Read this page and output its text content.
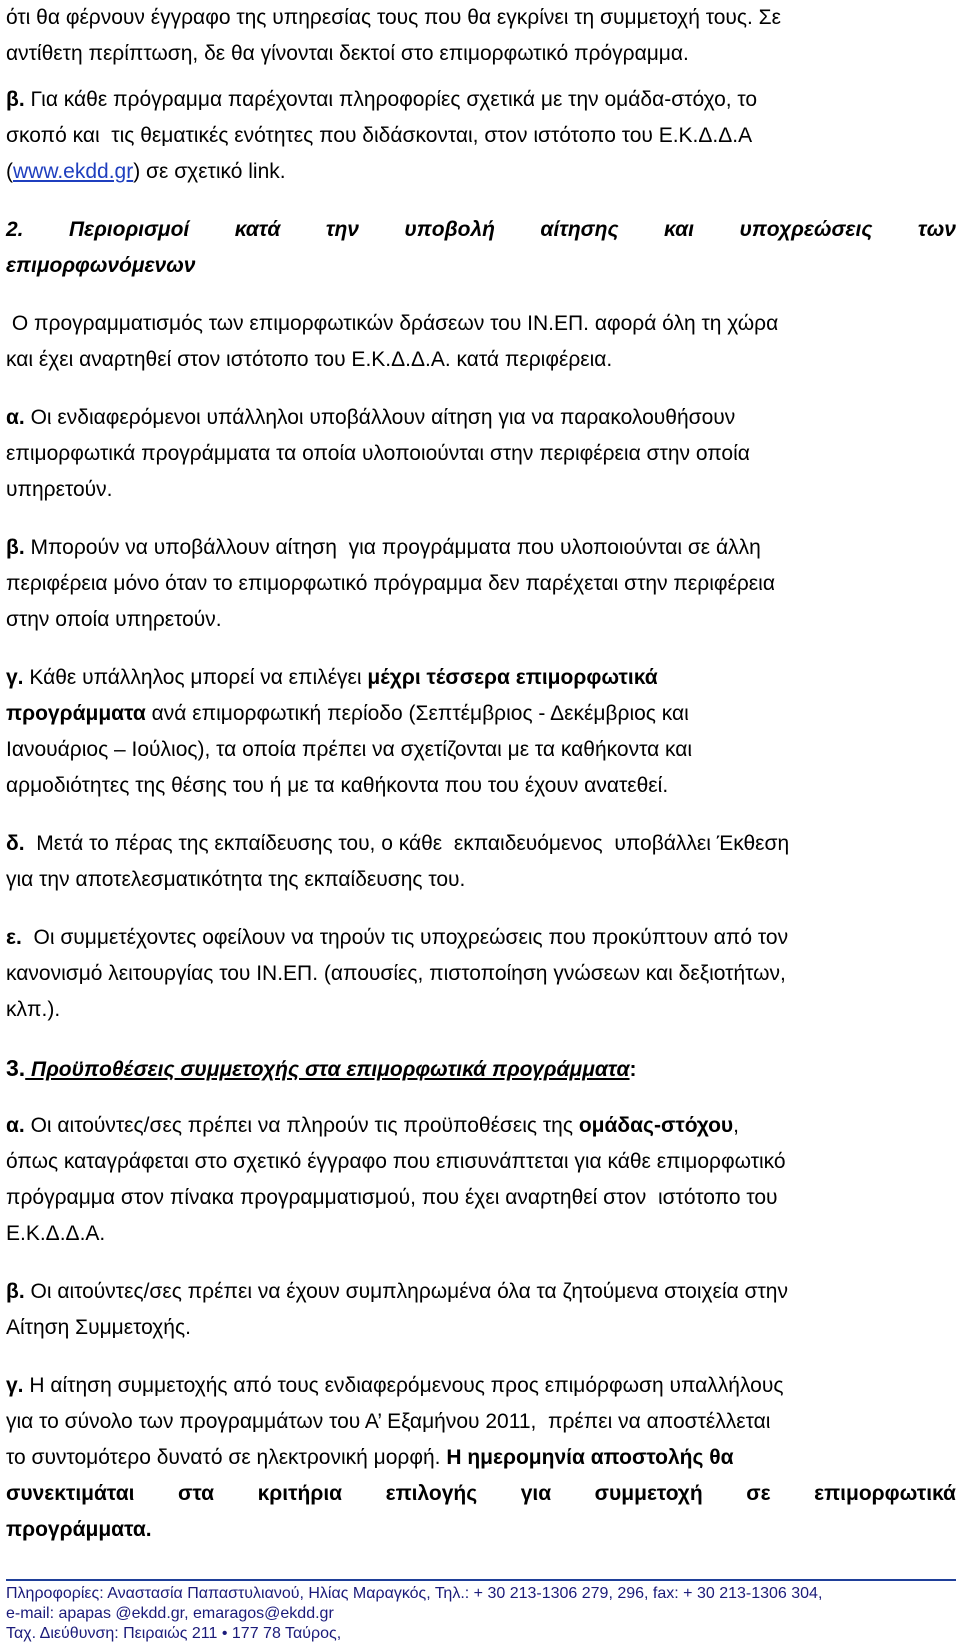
ότι θα φέρνουν έγγραφο της υπηρεσίας τους που θα εγκρίνει τη συμμετοχή τους. Σε
αντίθετη περίπτωση, δε θα γίνονται δεκτοί στο επιμορφωτικό πρόγραμμα.
β. Για κάθε πρόγραμμα παρέχονται πληροφορίες σχετικά με την ομάδα-στόχο, το
σκοπό και  τις θεματικές ενότητες που διδάσκονται, στον ιστότοπο του Ε.Κ.Δ.Δ.Α
(www.ekdd.gr) σε σχετικό link.
2. Περιορισμοί κατά την υποβολή αίτησης και υποχρεώσεις των
επιμορφωνόμενων
Ο προγραμματισμός των επιμορφωτικών δράσεων του ΙΝ.ΕΠ. αφορά όλη τη χώρα
και έχει αναρτηθεί στον ιστότοπο του Ε.Κ.Δ.Δ.Α. κατά περιφέρεια.
α. Οι ενδιαφερόμενοι υπάλληλοι υποβάλλουν αίτηση για να παρακολουθήσουν
επιμορφωτικά προγράμματα τα οποία υλοποιούνται στην περιφέρεια στην οποία
υπηρετούν.
β. Μπορούν να υποβάλλουν αίτηση  για προγράμματα που υλοποιούνται σε άλλη
περιφέρεια μόνο όταν το επιμορφωτικό πρόγραμμα δεν παρέχεται στην περιφέρεια
στην οποία υπηρετούν.
γ. Κάθε υπάλληλος μπορεί να επιλέγει μέχρι τέσσερα επιμορφωτικά
προγράμματα ανά επιμορφωτική περίοδο (Σεπτέμβριος - Δεκέμβριος και
Ιανουάριος – Ιούλιος), τα οποία πρέπει να σχετίζονται με τα καθήκοντα και
αρμοδιότητες της θέσης του ή με τα καθήκοντα που του έχουν ανατεθεί.
δ.  Μετά το πέρας της εκπαίδευσης του, ο κάθε  εκπαιδευόμενος  υποβάλλει Έκθεση
για την αποτελεσματικότητα της εκπαίδευσης του.
ε.  Οι συμμετέχοντες οφείλουν να τηρούν τις υποχρεώσεις που προκύπτουν από τον
κανονισμό λειτουργίας του ΙΝ.ΕΠ. (απουσίες, πιστοποίηση γνώσεων και δεξιοτήτων,
κλπ.).
3. Προϋποθέσεις συμμετοχής στα επιμορφωτικά προγράμματα:
α. Οι αιτούντες/σες πρέπει να πληρούν τις προϋποθέσεις της ομάδας-στόχου,
όπως καταγράφεται στο σχετικό έγγραφο που επισυνάπτεται για κάθε επιμορφωτικό
πρόγραμμα στον πίνακα προγραμματισμού, που έχει αναρτηθεί στον  ιστότοπο του
Ε.Κ.Δ.Δ.Α.
β. Οι αιτούντες/σες πρέπει να έχουν συμπληρωμένα όλα τα ζητούμενα στοιχεία στην
Αίτηση Συμμετοχής.
γ. Η αίτηση συμμετοχής από τους ενδιαφερόμενους προς επιμόρφωση υπαλλήλους
για το σύνολο των προγραμμάτων του Α’ Εξαμήνου 2011,  πρέπει να αποστέλλεται
το συντομότερο δυνατό σε ηλεκτρονική μορφή. Η ημερομηνία αποστολής θα
συνεκτιμάται στα κριτήρια επιλογής για συμμετοχή σε επιμορφωτικά
προγράμματα.
Πληροφορίες: Αναστασία Παπαστυλιανού, Ηλίας Μαραγκός, Τηλ.: + 30 213-1306 279, 296, fax: + 30 213-1306 304,
e-mail: apapas @ekdd.gr, emaragos@ekdd.gr
Ταχ. Διεύθυνση: Πειραιώς 211 • 177 78 Ταύρος,
